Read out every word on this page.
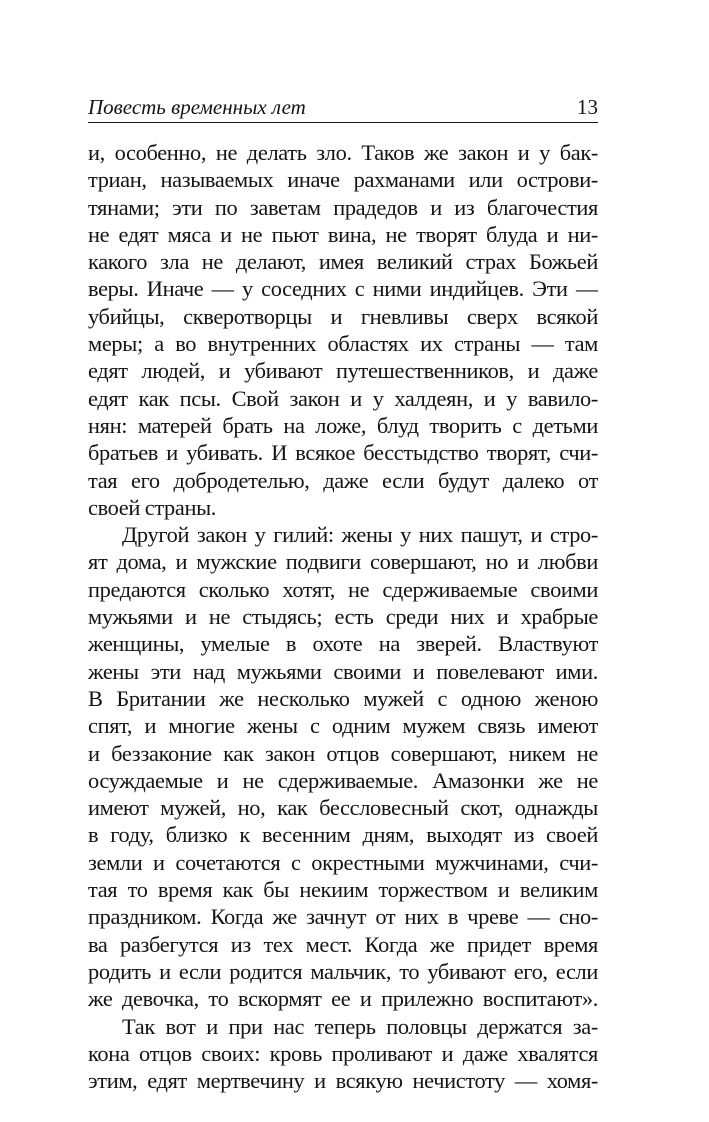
Повесть временных лет	13

и, особенно, не делать зло. Таков же закон и у бак-
триан, называемых иначе рахманами или острови-
тянами; эти по заветам прадедов и из благочестия
не едят мяса и не пьют вина, не творят блуда и ни-
какого зла не делают, имея великий страх Божьей
веры. Иначе — у соседних с ними индийцев. Эти —
убийцы, скверотворцы и гневливы сверх всякой
меры; а во внутренних областях их страны — там
едят людей, и убивают путешественников, и даже
едят как псы. Свой закон и у халдеян, и у вавило-
нян: матерей брать на ложе, блуд творить с детьми
братьев и убивать. И всякое бесстыдство творят, счи-
тая его добродетелью, даже если будут далеко от
своей страны.

Другой закон у гилий: жены у них пашут, и стро-
ят дома, и мужские подвиги совершают, но и любви
предаются сколько хотят, не сдерживаемые своими
мужьями и не стыдясь; есть среди них и храбрые
женщины, умелые в охоте на зверей. Властвуют
жены эти над мужьями своими и повелевают ими.
В Британии же несколько мужей с одною женою
спят, и многие жены с одним мужем связь имеют
и беззаконие как закон отцов совершают, никем не
осуждаемые и не сдерживаемые. Амазонки же не
имеют мужей, но, как бессловесный скот, однажды
в году, близко к весенним дням, выходят из своей
земли и сочетаются с окрестными мужчинами, счи-
тая то время как бы некиим торжеством и великим
праздником. Когда же зачнут от них в чреве — сно-
ва разбегутся из тех мест. Когда же придет время
родить и если родится мальчик, то убивают его, если
же девочка, то вскормят ее и прилежно воспитают».

Так вот и при нас теперь половцы держатся за-
кона отцов своих: кровь проливают и даже хвалятся
этим, едят мертвечину и всякую нечистоту — хомя-
